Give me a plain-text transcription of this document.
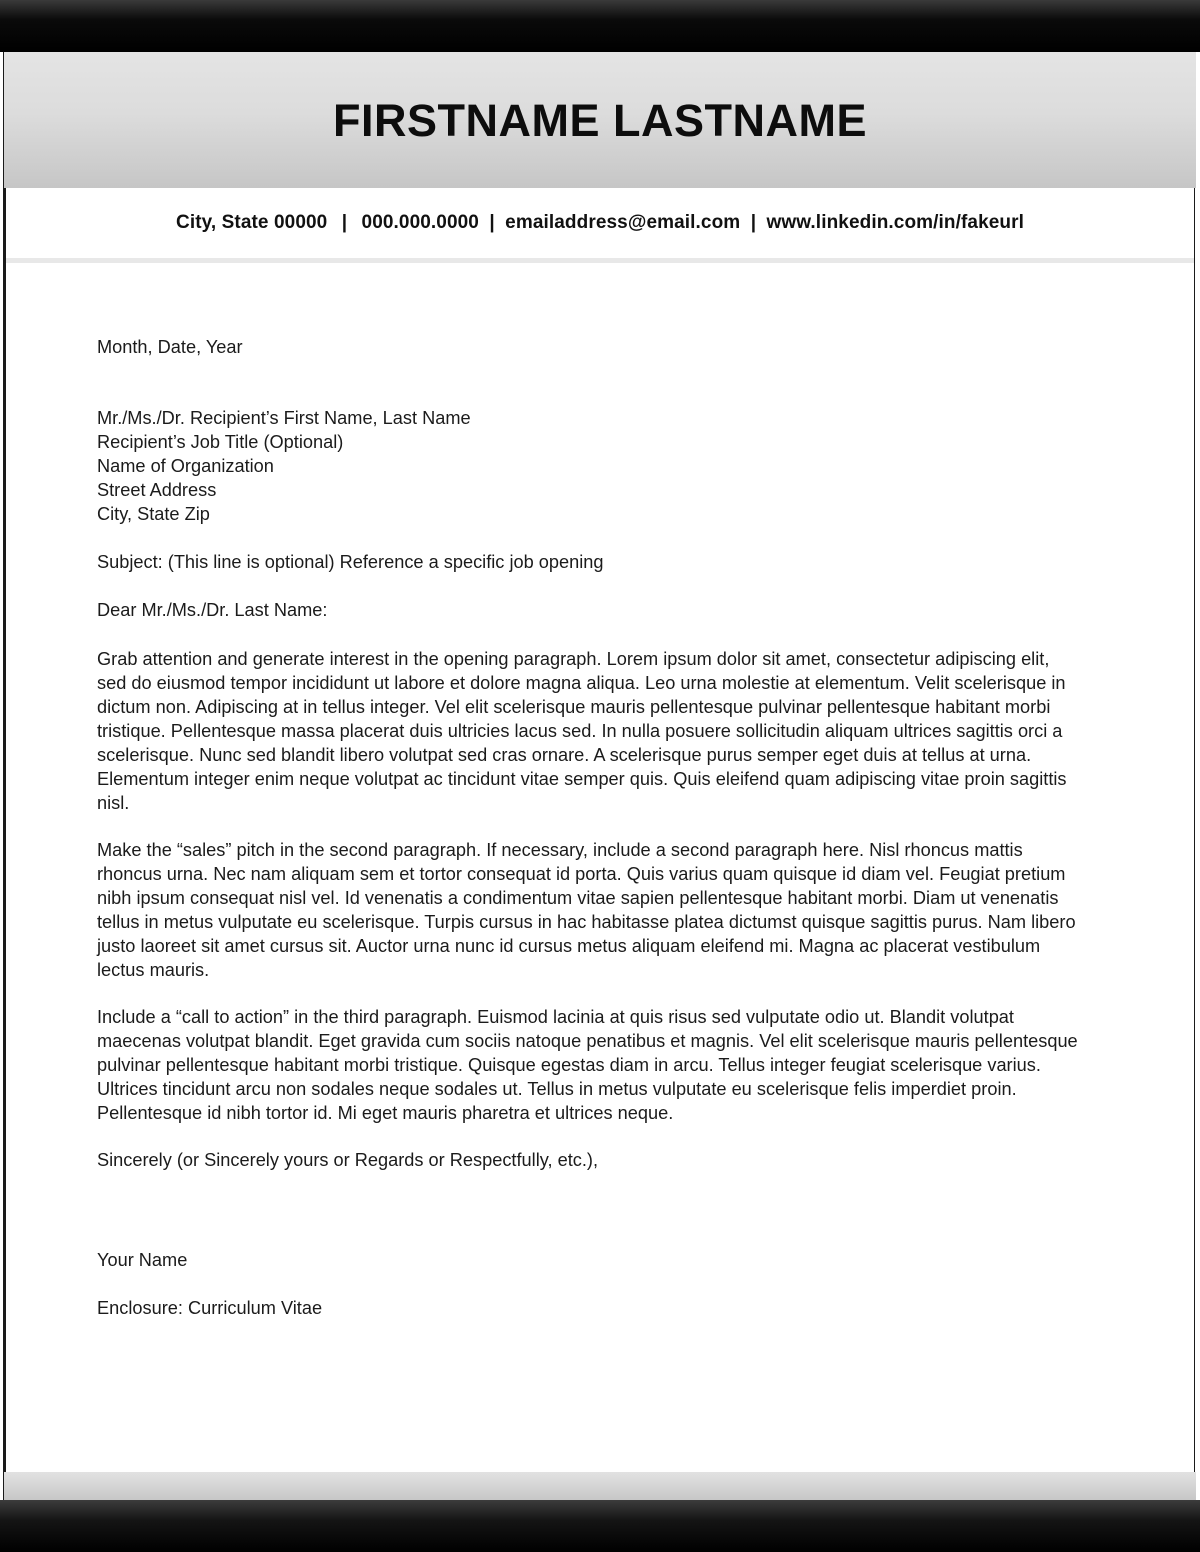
FIRSTNAME LASTNAME
City, State 00000 | 000.000.0000 | emailaddress@email.com | www.linkedin.com/in/fakeurl
Month, Date, Year
Mr./Ms./Dr. Recipient’s First Name, Last Name
Recipient’s Job Title (Optional)
Name of Organization
Street Address
City, State Zip
Subject: (This line is optional) Reference a specific job opening
Dear Mr./Ms./Dr. Last Name:

Grab attention and generate interest in the opening paragraph. Lorem ipsum dolor sit amet, consectetur adipiscing elit, sed do eiusmod tempor incididunt ut labore et dolore magna aliqua. Leo urna molestie at elementum. Velit scelerisque in dictum non. Adipiscing at in tellus integer. Vel elit scelerisque mauris pellentesque pulvinar pellentesque habitant morbi tristique. Pellentesque massa placerat duis ultricies lacus sed. In nulla posuere sollicitudin aliquam ultrices sagittis orci a scelerisque. Nunc sed blandit libero volutpat sed cras ornare. A scelerisque purus semper eget duis at tellus at urna. Elementum integer enim neque volutpat ac tincidunt vitae semper quis. Quis eleifend quam adipiscing vitae proin sagittis nisl.

Make the “sales” pitch in the second paragraph. If necessary, include a second paragraph here. Nisl rhoncus mattis rhoncus urna. Nec nam aliquam sem et tortor consequat id porta. Quis varius quam quisque id diam vel. Feugiat pretium nibh ipsum consequat nisl vel. Id venenatis a condimentum vitae sapien pellentesque habitant morbi. Diam ut venenatis tellus in metus vulputate eu scelerisque. Turpis cursus in hac habitasse platea dictumst quisque sagittis purus. Nam libero justo laoreet sit amet cursus sit. Auctor urna nunc id cursus metus aliquam eleifend mi. Magna ac placerat vestibulum lectus mauris.

Include a “call to action” in the third paragraph. Euismod lacinia at quis risus sed vulputate odio ut. Blandit volutpat maecenas volutpat blandit. Eget gravida cum sociis natoque penatibus et magnis. Vel elit scelerisque mauris pellentesque pulvinar pellentesque habitant morbi tristique. Quisque egestas diam in arcu. Tellus integer feugiat scelerisque varius. Ultrices tincidunt arcu non sodales neque sodales ut. Tellus in metus vulputate eu scelerisque felis imperdiet proin. Pellentesque id nibh tortor id. Mi eget mauris pharetra et ultrices neque.

Sincerely (or Sincerely yours or Regards or Respectfully, etc.),
Your Name
Enclosure: Curriculum Vitae
